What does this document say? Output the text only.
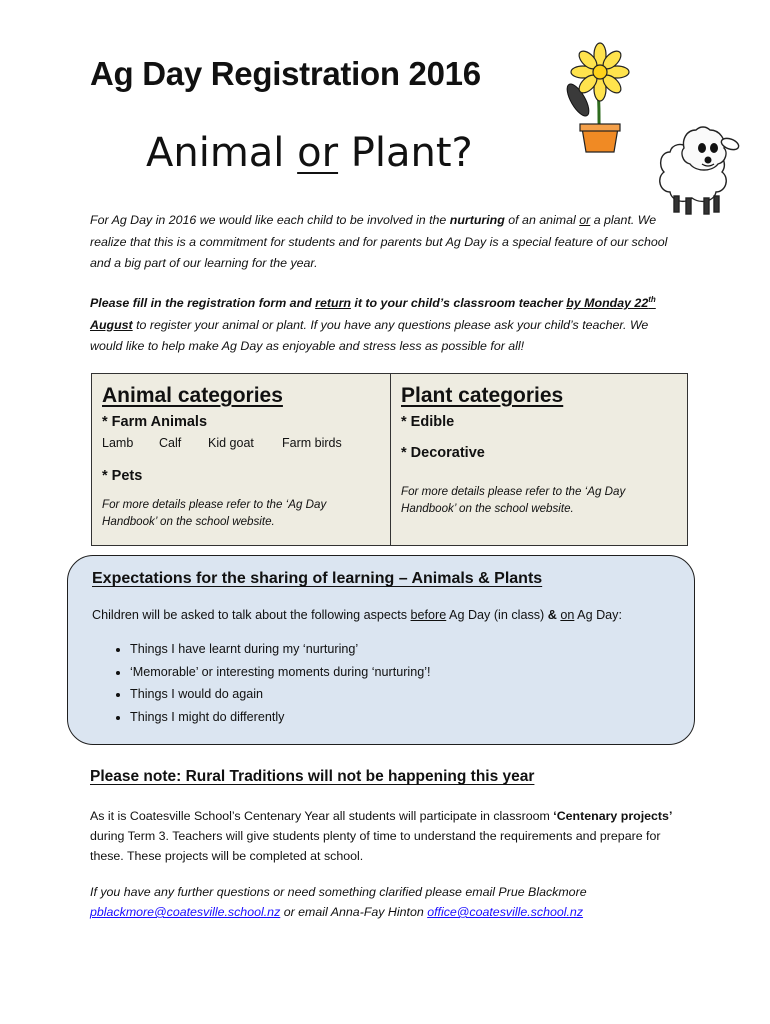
Ag Day Registration 2016
Animal or Plant?
For Ag Day in 2016 we would like each child to be involved in the nurturing of an animal or a plant. We realize that this is a commitment for students and for parents but Ag Day is a special feature of our school and a big part of our learning for the year.
Please fill in the registration form and return it to your child’s classroom teacher by Monday 22th August to register your animal or plant. If you have any questions please ask your child’s teacher. We would like to help make Ag Day as enjoyable and stress less as possible for all!
Animal categories
* Farm Animals
Lamb Calf Kid goat Farm birds
* Pets
For more details please refer to the ‘Ag Day Handbook’ on the school website.
Plant categories
* Edible
* Decorative
For more details please refer to the ‘Ag Day Handbook’ on the school website.
Expectations for the sharing of learning – Animals & Plants
Children will be asked to talk about the following aspects before Ag Day (in class) & on Ag Day:
• Things I have learnt during my ‘nurturing’
• ‘Memorable’ or interesting moments during ‘nurturing’!
• Things I would do again
• Things I might do differently
Please note: Rural Traditions will not be happening this year
As it is Coatesville School’s Centenary Year all students will participate in classroom ‘Centenary projects’ during Term 3. Teachers will give students plenty of time to understand the requirements and prepare for these. These projects will be completed at school.
If you have any further questions or need something clarified please email Prue Blackmore pblackmore@coatesville.school.nz or email Anna-Fay Hinton office@coatesville.school.nz
